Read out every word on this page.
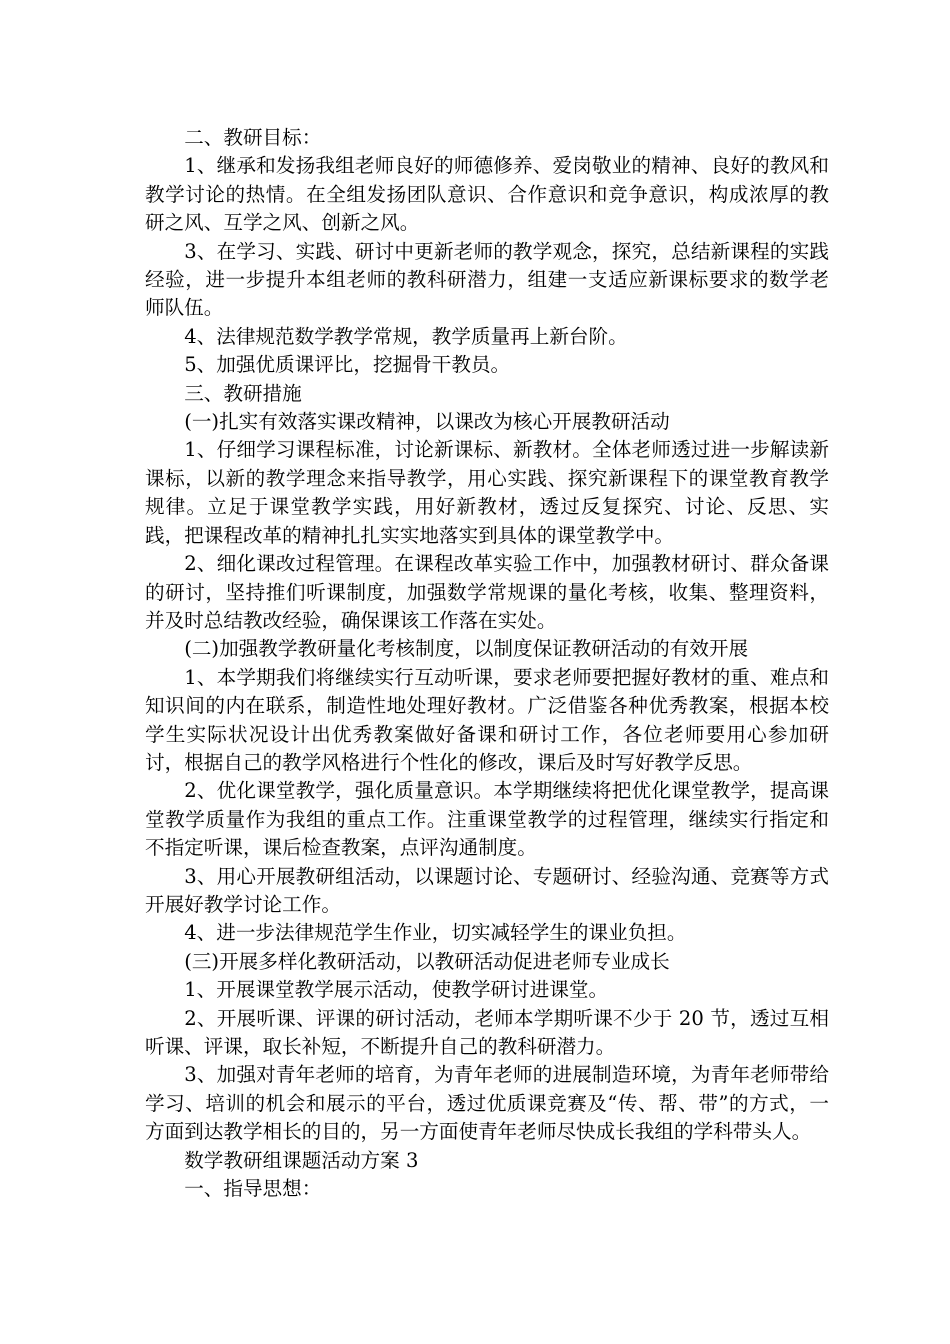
二、教研目标：

1、继承和发扬我组老师良好的师德修养、爱岗敬业的精神、良好的教风和教学讨论的热情。在全组发扬团队意识、合作意识和竞争意识，构成浓厚的教研之风、互学之风、创新之风。

3、在学习、实践、研讨中更新老师的教学观念，探究，总结新课程的实践经验，进一步提升本组老师的教科研潜力，组建一支适应新课标要求的数学老师队伍。

4、法律规范数学教学常规，教学质量再上新台阶。

5、加强优质课评比，挖掘骨干教员。

三、教研措施

(一)扎实有效落实课改精神，以课改为核心开展教研活动

1、仔细学习课程标准，讨论新课标、新教材。全体老师透过进一步解读新课标，以新的教学理念来指导教学，用心实践、探究新课程下的课堂教育教学规律。立足于课堂教学实践，用好新教材，透过反复探究、讨论、反思、实践，把课程改革的精神扎扎实实地落实到具体的课堂教学中。

2、细化课改过程管理。在课程改革实验工作中，加强教材研讨、群众备课的研讨，坚持推们听课制度，加强数学常规课的量化考核，收集、整理资料，并及时总结教改经验，确保课该工作落在实处。

(二)加强教学教研量化考核制度，以制度保证教研活动的有效开展

1、本学期我们将继续实行互动听课，要求老师要把握好教材的重、难点和知识间的内在联系，制造性地处理好教材。广泛借鉴各种优秀教案，根据本校学生实际状况设计出优秀教案做好备课和研讨工作，各位老师要用心参加研讨，根据自己的教学风格进行个性化的修改，课后及时写好教学反思。

2、优化课堂教学，强化质量意识。本学期继续将把优化课堂教学，提高课堂教学质量作为我组的重点工作。注重课堂教学的过程管理，继续实行指定和不指定听课，课后检查教案，点评沟通制度。

3、用心开展教研组活动，以课题讨论、专题研讨、经验沟通、竞赛等方式开展好教学讨论工作。

4、进一步法律规范学生作业，切实减轻学生的课业负担。

(三)开展多样化教研活动，以教研活动促进老师专业成长

1、开展课堂教学展示活动，使教学研讨进课堂。

2、开展听课、评课的研讨活动，老师本学期听课不少于 20 节，透过互相听课、评课，取长补短，不断提升自己的教科研潜力。

3、加强对青年老师的培育，为青年老师的进展制造环境，为青年老师带给学习、培训的机会和展示的平台，透过优质课竞赛及“传、帮、带”的方式，一方面到达教学相长的目的，另一方面使青年老师尽快成长我组的学科带头人。

数学教研组课题活动方案 3

一、指导思想：
